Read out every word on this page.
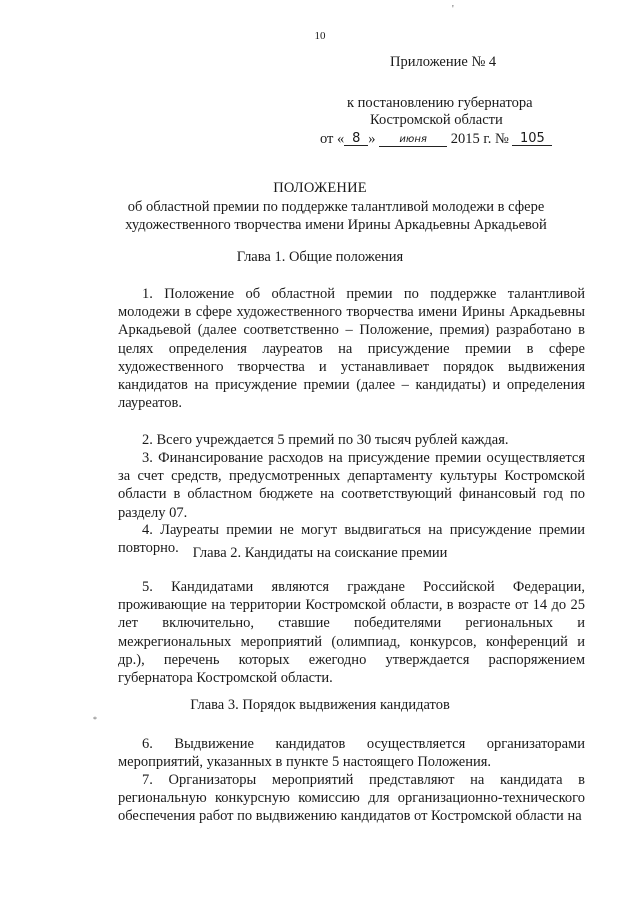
'
10
Приложение № 4
к постановлению губернатора
Костромской области
от « 8 » июня 2015 г. № 105
ПОЛОЖЕНИЕ
об областной премии по поддержке талантливой молодежи в сфере художественного творчества имени Ирины Аркадьевны Аркадьевой
Глава 1. Общие положения

1. Положение об областной премии по поддержке талантливой молодежи в сфере художественного творчества имени Ирины Аркадьевны Аркадьевой (далее соответственно – Положение, премия) разработано в целях определения лауреатов на присуждение премии в сфере художественного творчества и устанавливает порядок выдвижения кандидатов на присуждение премии (далее – кандидаты) и определения лауреатов.

2. Всего учреждается 5 премий по 30 тысяч рублей каждая.

3. Финансирование расходов на присуждение премии осуществляется за счет средств, предусмотренных департаменту культуры Костромской области в областном бюджете на соответствующий финансовый год по разделу 07.

4. Лауреаты премии не могут выдвигаться на присуждение премии повторно. Глава 2. Кандидаты на соискание премии

5. Кандидатами являются граждане Российской Федерации, проживающие на территории Костромской области, в возрасте от 14 до 25 лет включительно, ставшие победителями региональных и межрегиональных мероприятий (олимпиад, конкурсов, конференций и др.), перечень которых ежегодно утверждается распоряжением губернатора Костромской области.

*
Глава 3. Порядок выдвижения кандидатов

6. Выдвижение кандидатов осуществляется организаторами мероприятий, указанных в пункте 5 настоящего Положения.

7. Организаторы мероприятий представляют на кандидата в региональную конкурсную комиссию для организационно-технического обеспечения работ по выдвижению кандидатов от Костромской области на
